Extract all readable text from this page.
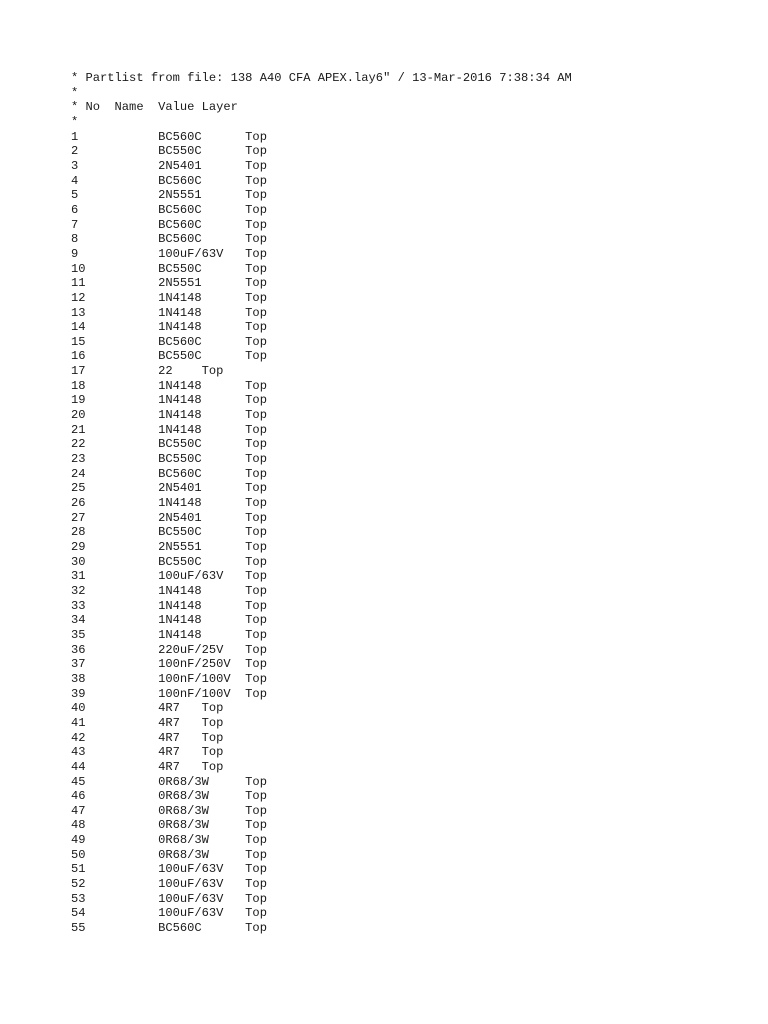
* Partlist from file: 138 A40 CFA APEX.lay6" / 13-Mar-2016 7:38:34 AM
*
* No  Name  Value Layer
*
1           BC560C      Top
2           BC550C      Top
3           2N5401      Top
4           BC560C      Top
5           2N5551      Top
6           BC560C      Top
7           BC560C      Top
8           BC560C      Top
9           100uF/63V   Top
10          BC550C      Top
11          2N5551      Top
12          1N4148      Top
13          1N4148      Top
14          1N4148      Top
15          BC560C      Top
16          BC550C      Top
17          22    Top
18          1N4148      Top
19          1N4148      Top
20          1N4148      Top
21          1N4148      Top
22          BC550C      Top
23          BC550C      Top
24          BC560C      Top
25          2N5401      Top
26          1N4148      Top
27          2N5401      Top
28          BC550C      Top
29          2N5551      Top
30          BC550C      Top
31          100uF/63V   Top
32          1N4148      Top
33          1N4148      Top
34          1N4148      Top
35          1N4148      Top
36          220uF/25V   Top
37          100nF/250V  Top
38          100nF/100V  Top
39          100nF/100V  Top
40          4R7   Top
41          4R7   Top
42          4R7   Top
43          4R7   Top
44          4R7   Top
45          0R68/3W     Top
46          0R68/3W     Top
47          0R68/3W     Top
48          0R68/3W     Top
49          0R68/3W     Top
50          0R68/3W     Top
51          100uF/63V   Top
52          100uF/63V   Top
53          100uF/63V   Top
54          100uF/63V   Top
55          BC560C      Top
